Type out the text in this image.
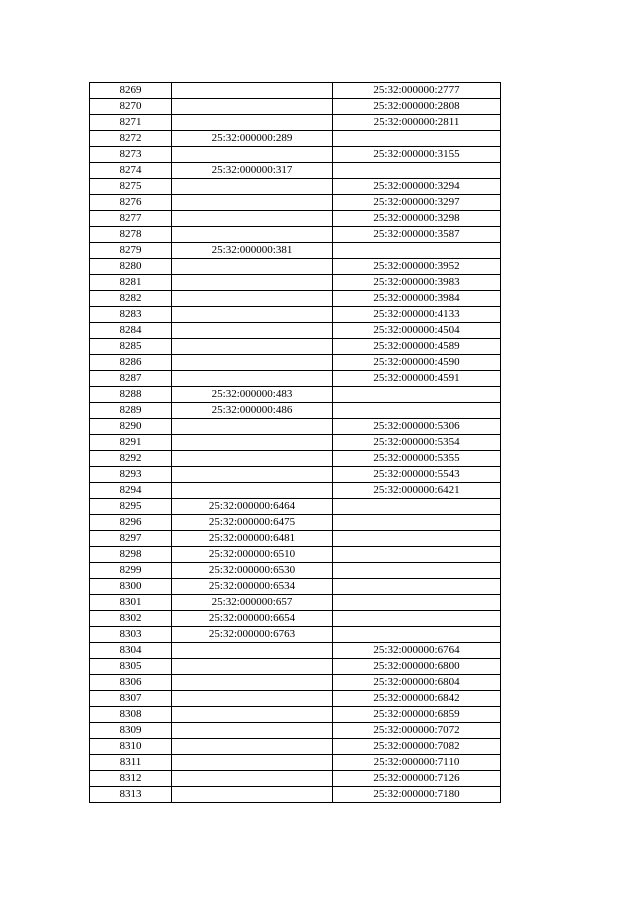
8269		25:32:000000:2777
8270		25:32:000000:2808
8271		25:32:000000:2811
8272	25:32:000000:289	
8273		25:32:000000:3155
8274	25:32:000000:317	
8275		25:32:000000:3294
8276		25:32:000000:3297
8277		25:32:000000:3298
8278		25:32:000000:3587
8279	25:32:000000:381	
8280		25:32:000000:3952
8281		25:32:000000:3983
8282		25:32:000000:3984
8283		25:32:000000:4133
8284		25:32:000000:4504
8285		25:32:000000:4589
8286		25:32:000000:4590
8287		25:32:000000:4591
8288	25:32:000000:483	
8289	25:32:000000:486	
8290		25:32:000000:5306
8291		25:32:000000:5354
8292		25:32:000000:5355
8293		25:32:000000:5543
8294		25:32:000000:6421
8295	25:32:000000:6464	
8296	25:32:000000:6475	
8297	25:32:000000:6481	
8298	25:32:000000:6510	
8299	25:32:000000:6530	
8300	25:32:000000:6534	
8301	25:32:000000:657	
8302	25:32:000000:6654	
8303	25:32:000000:6763	
8304		25:32:000000:6764
8305		25:32:000000:6800
8306		25:32:000000:6804
8307		25:32:000000:6842
8308		25:32:000000:6859
8309		25:32:000000:7072
8310		25:32:000000:7082
8311		25:32:000000:7110
8312		25:32:000000:7126
8313		25:32:000000:7180
